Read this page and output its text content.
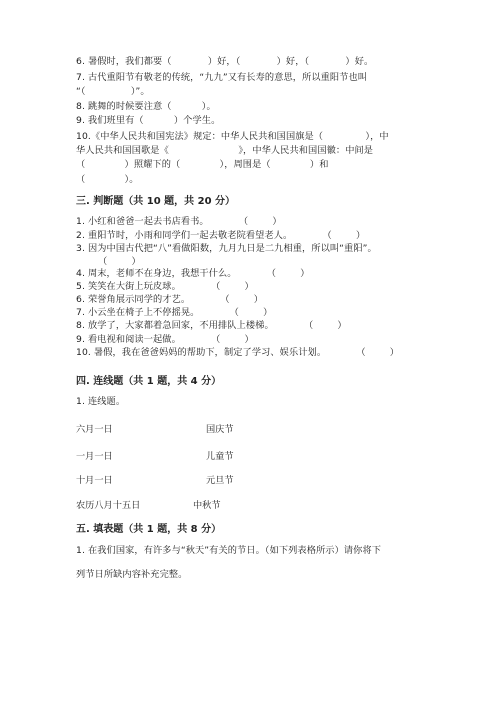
6. 暑假时，我们都要（            ）好，（            ）好，（            ）好。
7. 古代重阳节有敬老的传统，“九九”又有长寿的意思，所以重阳节也叫
“（               ）”。
8. 跳舞的时候要注意（          ）。
9. 我们班里有（          ）个学生。
10.《中华人民共和国宪法》规定：中华人民共和国国旗是（              ），中
华人民共和国国歌是《                       》，中华人民共和国国徽：中间是
（             ）照耀下的（             ），周围是（             ）和
（             ）。
三. 判断题（共 10 题，共 20 分）
1. 小红和爸爸一起去书店看书。          （        ）
2. 重阳节时，小雨和同学们一起去敬老院看望老人。          （        ）
3. 因为中国古代把“八”看做阳数，九月九日是二九相重，所以叫“重阳”。
（        ）
4. 周末，老师不在身边，我想干什么。          （        ）
5. 笑笑在大街上玩皮球。          （        ）
6. 荣誉角展示同学的才艺。          （        ）
7. 小云坐在椅子上不停摇晃。          （        ）
8. 放学了，大家都着急回家，不用排队上楼梯。          （        ）
9. 看电视和阅读一起做。          （        ）
10. 暑假，我在爸爸妈妈的帮助下，制定了学习、娱乐计划。          （        ）
四. 连线题（共 1 题，共 4 分）
1. 连线题。
六月一日	国庆节
一月一日	儿童节
十月一日	元旦节
农历八月十五日	中秋节
五. 填表题（共 1 题，共 8 分）
1. 在我们国家，有许多与“秋天”有关的节日。（如下列表格所示）请你将下
列节日所缺内容补充完整。
